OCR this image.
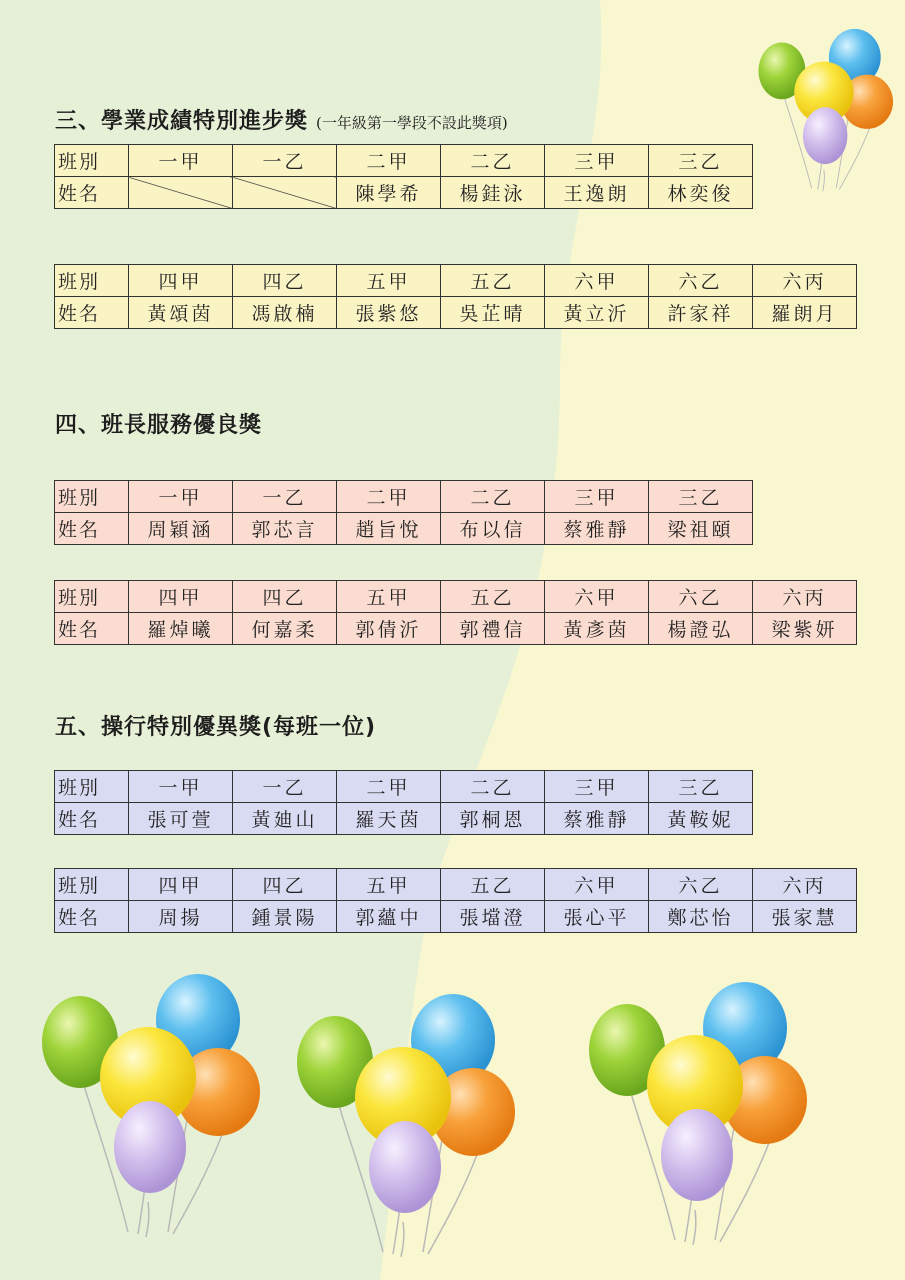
三、學業成績特別進步獎 (一年級第一學段不設此獎項)
班別	一甲	一乙	二甲	二乙	三甲	三乙
姓名			陳學希	楊銈泳	王逸朗	林奕俊
班別	四甲	四乙	五甲	五乙	六甲	六乙	六丙
姓名	黃頌茵	馮啟楠	張紫悠	吳芷晴	黃立沂	許家祥	羅朗月
四、班長服務優良獎
班別	一甲	一乙	二甲	二乙	三甲	三乙
姓名	周穎涵	郭芯言	趙旨悅	布以信	蔡雅靜	梁祖頤
班別	四甲	四乙	五甲	五乙	六甲	六乙	六丙
姓名	羅焯曦	何嘉柔	郭倩沂	郭禮信	黃彥茵	楊證弘	梁紫妍
五、操行特別優異獎(每班一位)
班別	一甲	一乙	二甲	二乙	三甲	三乙
姓名	張可萱	黃廸山	羅天茵	郭桐恩	蔡雅靜	黃鞍妮
班別	四甲	四乙	五甲	五乙	六甲	六乙	六丙
姓名	周揚	鍾景陽	郭蘊中	張壋澄	張心平	鄭芯怡	張家慧
